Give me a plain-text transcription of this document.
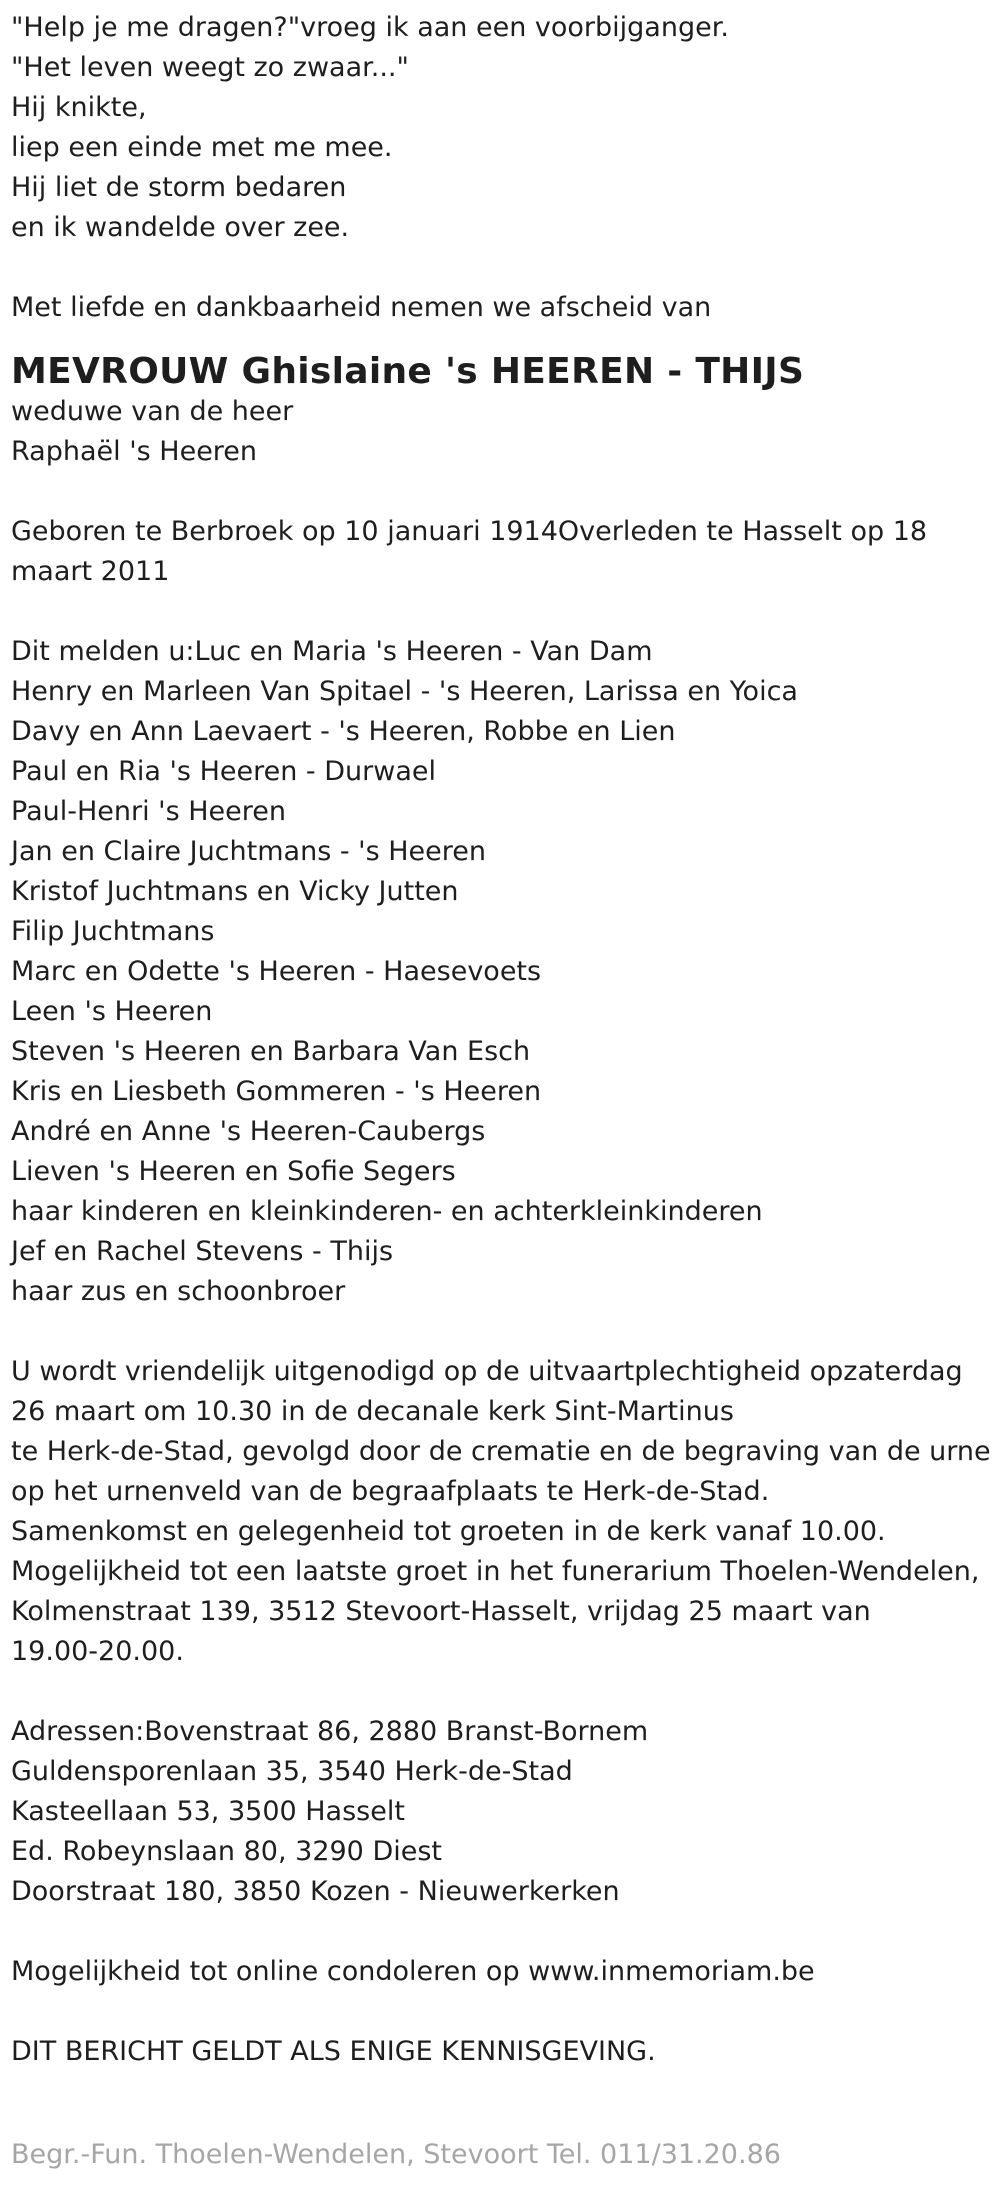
"Help je me dragen?"vroeg ik aan een voorbijganger.

"Het leven weegt zo zwaar..."

Hij knikte,

liep een einde met me mee.

Hij liet de storm bedaren

en ik wandelde over zee.

Met liefde en dankbaarheid nemen we afscheid van

MEVROUW Ghislaine 's HEEREN - THIJS

weduwe van de heer

Raphaël 's Heeren

Geboren te Berbroek op 10 januari 1914Overleden te Hasselt op 18 maart 2011

Dit melden u:Luc en Maria 's Heeren - Van Dam

Henry en Marleen Van Spitael - 's Heeren, Larissa en Yoica

Davy en Ann Laevaert - 's Heeren, Robbe en Lien

Paul en Ria 's Heeren - Durwael

Paul-Henri 's Heeren

Jan en Claire Juchtmans - 's Heeren

Kristof Juchtmans en Vicky Jutten

Filip Juchtmans

Marc en Odette 's Heeren - Haesevoets

Leen 's Heeren

Steven 's Heeren en Barbara Van Esch

Kris en Liesbeth Gommeren - 's Heeren

André en Anne 's Heeren-Caubergs

Lieven 's Heeren en Sofie Segers

haar kinderen en kleinkinderen- en achterkleinkinderen

Jef en Rachel Stevens - Thijs

haar zus en schoonbroer

U wordt vriendelijk uitgenodigd op de uitvaartplechtigheid opzaterdag

26 maart om 10.30 in de decanale kerk Sint-Martinus

te Herk-de-Stad, gevolgd door de crematie en de begraving van de urne

op het urnenveld van de begraafplaats te Herk-de-Stad.

Samenkomst en gelegenheid tot groeten in de kerk vanaf 10.00.

Mogelijkheid tot een laatste groet in het funerarium Thoelen-Wendelen,

Kolmenstraat 139, 3512 Stevoort-Hasselt, vrijdag 25 maart van

19.00-20.00.

Adressen:Bovenstraat 86, 2880 Branst-Bornem

Guldensporenlaan 35, 3540 Herk-de-Stad

Kasteellaan 53, 3500 Hasselt

Ed. Robeynslaan 80, 3290 Diest

Doorstraat 180, 3850 Kozen - Nieuwerkerken

Mogelijkheid tot online condoleren op www.inmemoriam.be

DIT BERICHT GELDT ALS ENIGE KENNISGEVING.

Begr.-Fun. Thoelen-Wendelen, Stevoort Tel. 011/31.20.86
